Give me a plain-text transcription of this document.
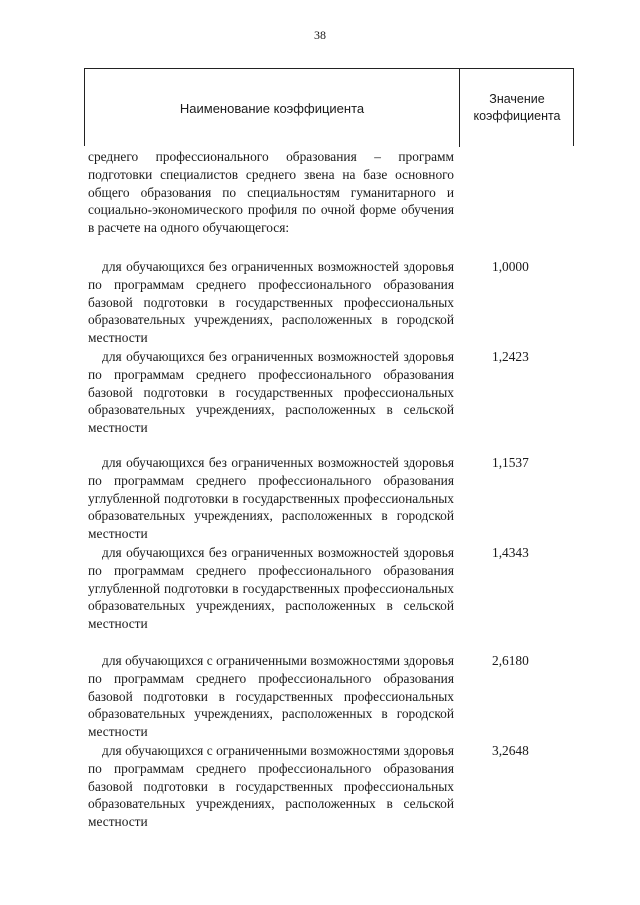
38
Наименование коэффициента
Значение
коэффициента
среднего профессионального образования – программ подготовки специалистов среднего звена на базе основного общего образования по специальностям гуманитарного и социально-экономического профиля по очной форме обучения в расчете на одного обучающегося:
для обучающихся без ограниченных возможностей здоровья по программам среднего профессионального образования базовой подготовки в государственных профессиональных образовательных учреждениях, расположенных в городской местности
1,0000
для обучающихся без ограниченных возможностей здоровья по программам среднего профессионального образования базовой подготовки в государственных профессиональных образовательных учреждениях, расположенных в сельской местности
1,2423
для обучающихся без ограниченных возможностей здоровья по программам среднего профессионального образования углубленной подготовки в государственных профессиональных образовательных учреждениях, расположенных в городской местности
1,1537
для обучающихся без ограниченных возможностей здоровья по программам среднего профессионального образования углубленной подготовки в государственных профессиональных образовательных учреждениях, расположенных в сельской местности
1,4343
для обучающихся с ограниченными возможностями здоровья по программам среднего профессионального образования базовой подготовки в государственных профессиональных образовательных учреждениях, расположенных в городской местности
2,6180
для обучающихся с ограниченными возможностями здоровья по программам среднего профессионального образования базовой подготовки в государственных профессиональных образовательных учреждениях, расположенных в сельской местности
3,2648
